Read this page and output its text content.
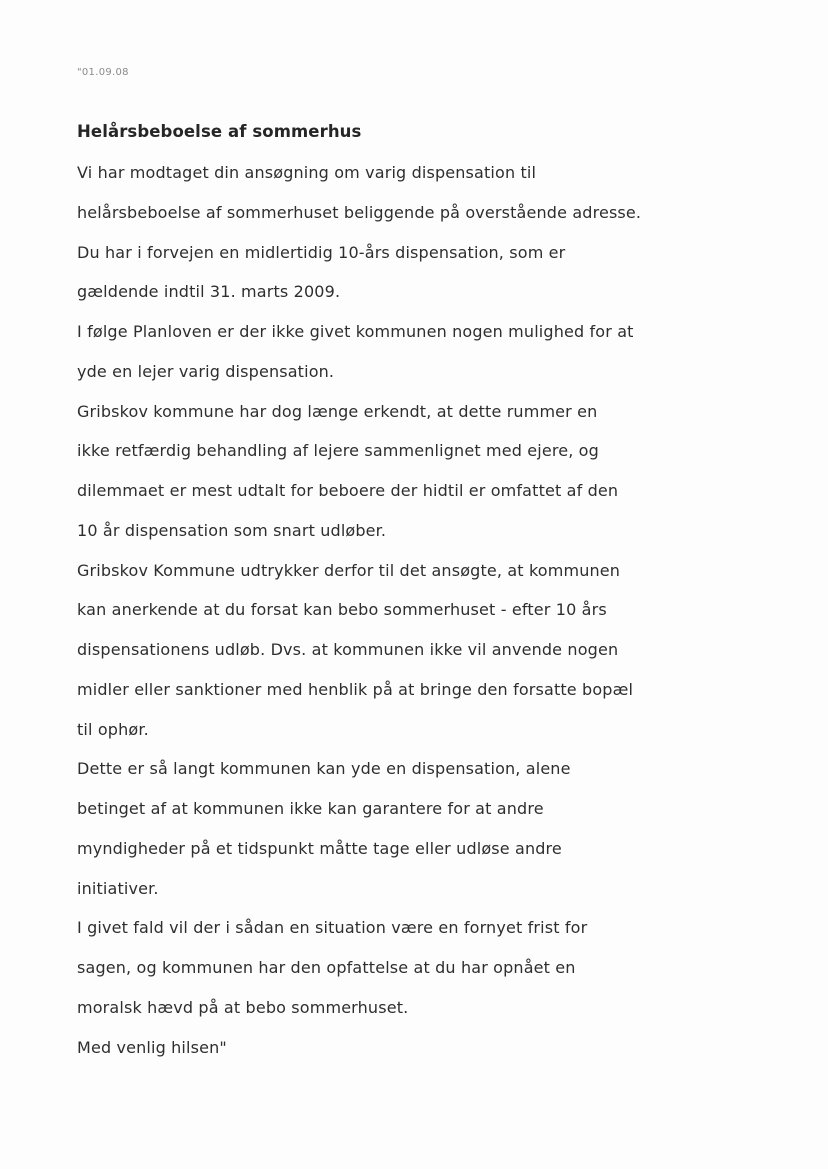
"01.09.08
Helårsbeboelse af sommerhus
Vi har modtaget din ansøgning om varig dispensation til
helårsbeboelse af sommerhuset beliggende på overstående adresse.
Du har i forvejen en midlertidig 10-års dispensation, som er
gældende indtil 31. marts 2009.
I følge Planloven er der ikke givet kommunen nogen mulighed for at
yde en lejer varig dispensation.
Gribskov kommune har dog længe erkendt, at dette rummer en
ikke retfærdig behandling af lejere sammenlignet med ejere, og
dilemmaet er mest udtalt for beboere der hidtil er omfattet af den
10 år dispensation som snart udløber.
Gribskov Kommune udtrykker derfor til det ansøgte, at kommunen
kan anerkende at du forsat kan bebo sommerhuset - efter 10 års
dispensationens udløb. Dvs. at kommunen ikke vil anvende nogen
midler eller sanktioner med henblik på at bringe den forsatte bopæl
til ophør.
Dette er så langt kommunen kan yde en dispensation, alene
betinget af at kommunen ikke kan garantere for at andre
myndigheder på et tidspunkt måtte tage eller udløse andre
initiativer.
I givet fald vil der i sådan en situation være en fornyet frist for
sagen, og kommunen har den opfattelse at du har opnået en
moralsk hævd på at bebo sommerhuset.
Med venlig hilsen"
